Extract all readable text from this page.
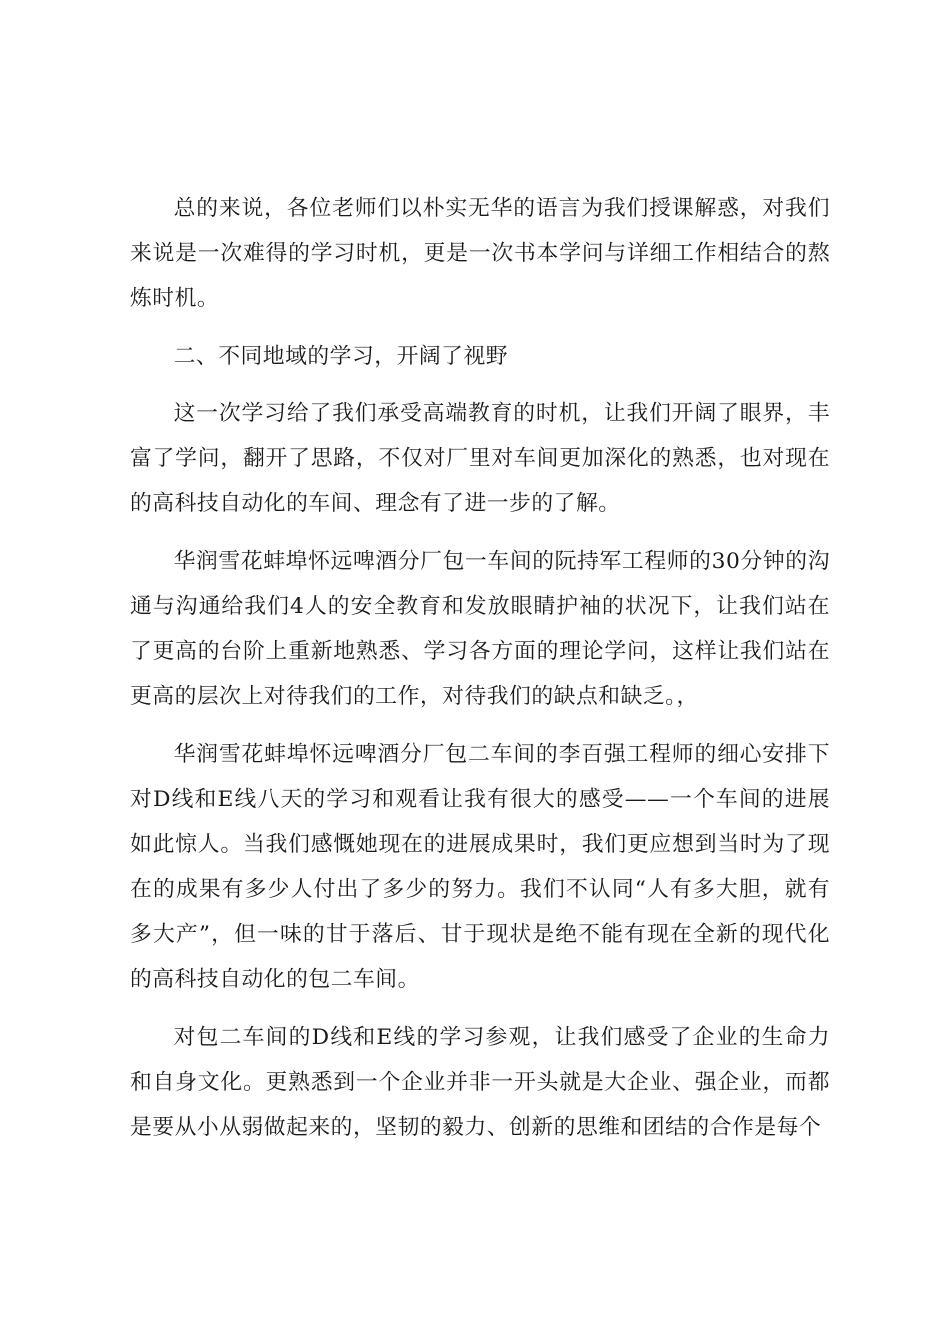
总的来说，各位老师们以朴实无华的语言为我们授课解惑，对我们来说是一次难得的学习时机，更是一次书本学问与详细工作相结合的熬炼时机。

二、不同地域的学习，开阔了视野

这一次学习给了我们承受高端教育的时机，让我们开阔了眼界，丰富了学问，翻开了思路，不仅对厂里对车间更加深化的熟悉，也对现在的高科技自动化的车间、理念有了进一步的了解。

华润雪花蚌埠怀远啤酒分厂包一车间的阮持军工程师的30分钟的沟通与沟通给我们4人的安全教育和发放眼睛护袖的状况下，让我们站在了更高的台阶上重新地熟悉、学习各方面的理论学问，这样让我们站在更高的层次上对待我们的工作，对待我们的缺点和缺乏。，

华润雪花蚌埠怀远啤酒分厂包二车间的李百强工程师的细心安排下对D线和E线八天的学习和观看让我有很大的感受——一个车间的进展如此惊人。当我们感慨她现在的进展成果时，我们更应想到当时为了现在的成果有多少人付出了多少的努力。我们不认同“人有多大胆，就有多大产”，但一味的甘于落后、甘于现状是绝不能有现在全新的现代化的高科技自动化的包二车间。

对包二车间的D线和E线的学习参观，让我们感受了企业的生命力和自身文化。更熟悉到一个企业并非一开头就是大企业、强企业，而都是要从小从弱做起来的，坚韧的毅力、创新的思维和团结的合作是每个
